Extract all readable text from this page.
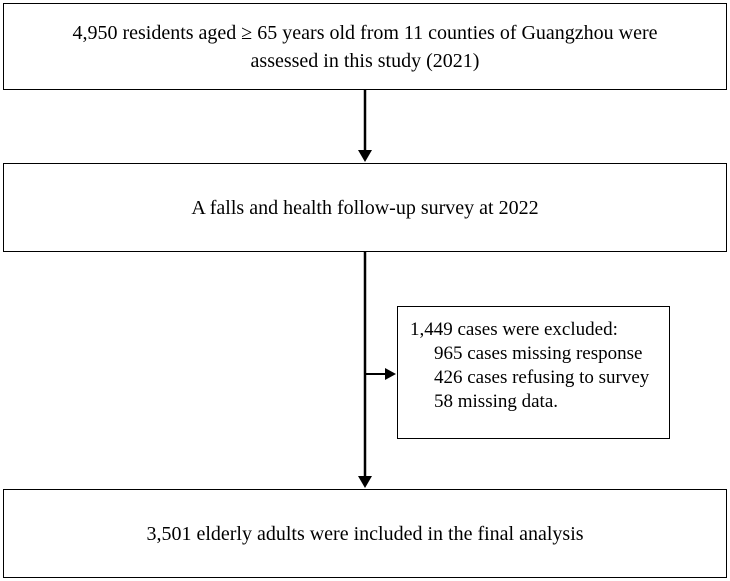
4,950 residents aged ≥ 65 years old from 11 counties of Guangzhou were
assessed in this study (2021)
A falls and health follow-up survey at 2022
1,449 cases were excluded:
965 cases missing response
426 cases refusing to survey
58 missing data.
3,501 elderly adults were included in the final analysis
